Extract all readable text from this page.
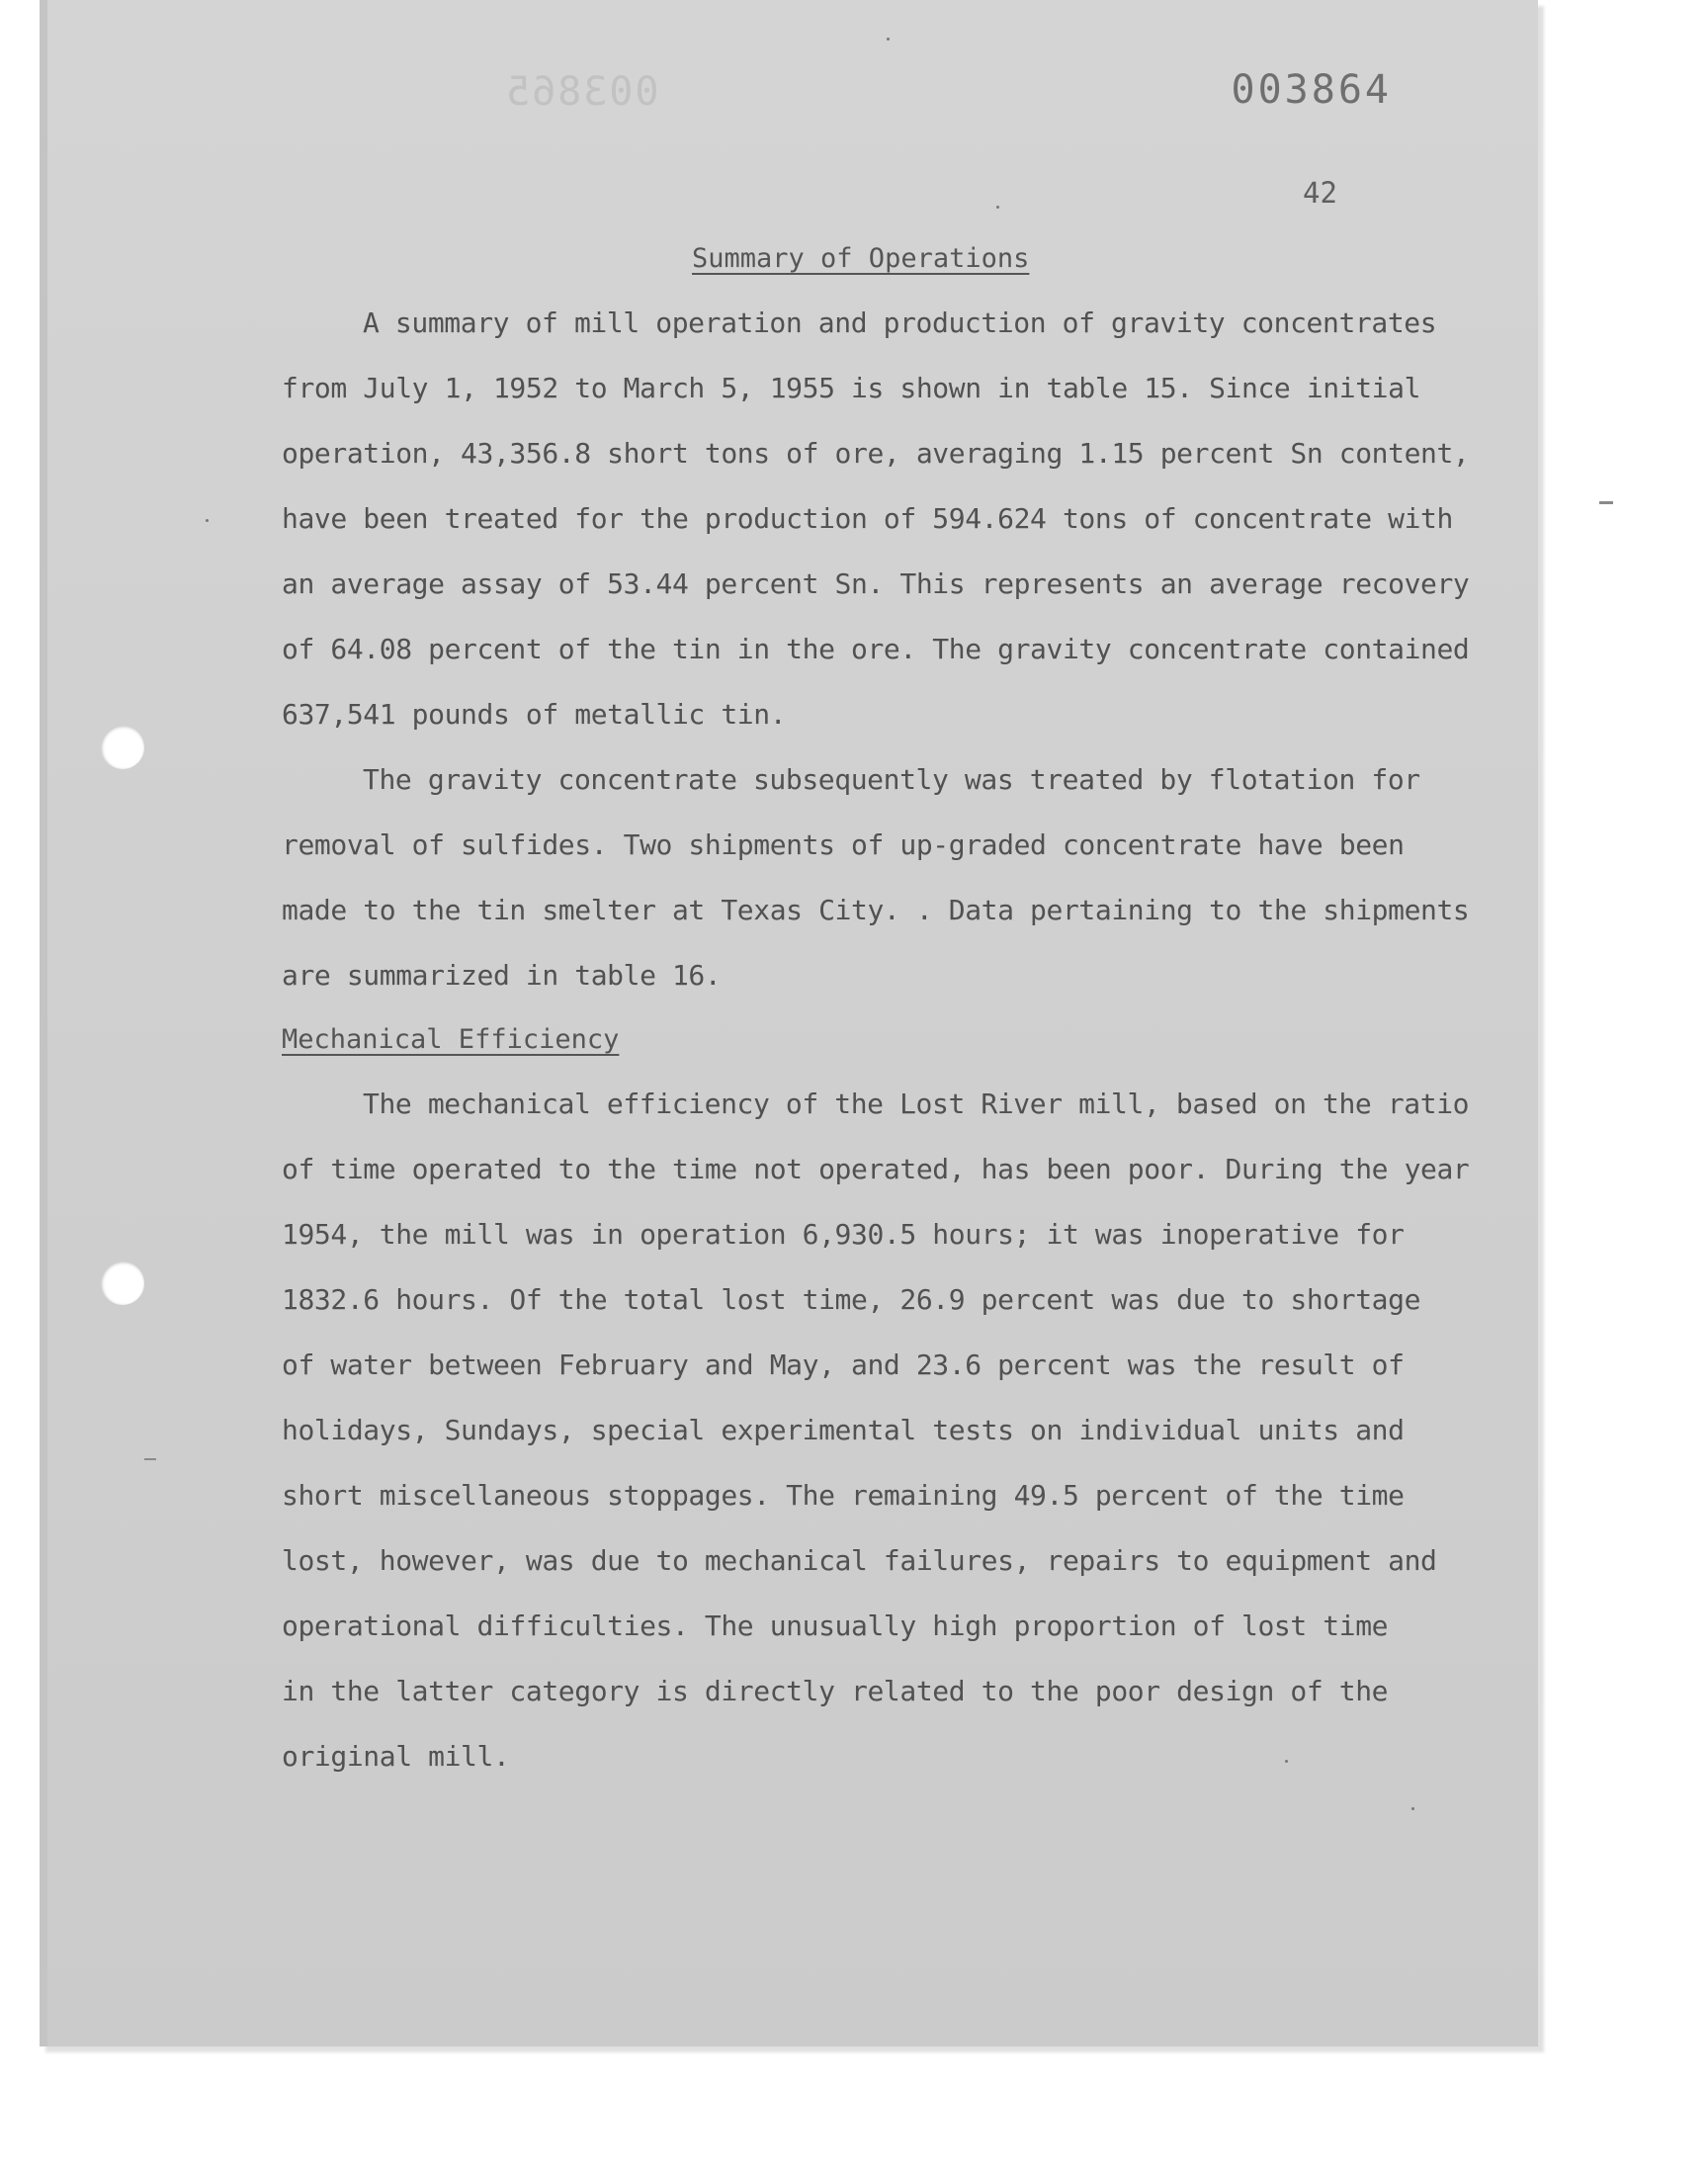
003865	003864
42
Summary of Operations
A summary of mill operation and production of gravity concentrates
from July 1, 1952 to March 5, 1955 is shown in table 15. Since initial
operation, 43,356.8 short tons of ore, averaging 1.15 percent Sn content,
have been treated for the production of 594.624 tons of concentrate with
an average assay of 53.44 percent Sn. This represents an average recovery
of 64.08 percent of the tin in the ore. The gravity concentrate contained
637,541 pounds of metallic tin.
The gravity concentrate subsequently was treated by flotation for
removal of sulfides. Two shipments of up-graded concentrate have been
made to the tin smelter at Texas City. . Data pertaining to the shipments
are summarized in table 16.
Mechanical Efficiency
The mechanical efficiency of the Lost River mill, based on the ratio
of time operated to the time not operated, has been poor. During the year
1954, the mill was in operation 6,930.5 hours; it was inoperative for
1832.6 hours. Of the total lost time, 26.9 percent was due to shortage
of water between February and May, and 23.6 percent was the result of
holidays, Sundays, special experimental tests on individual units and
short miscellaneous stoppages. The remaining 49.5 percent of the time
lost, however, was due to mechanical failures, repairs to equipment and
operational difficulties. The unusually high proportion of lost time
in the latter category is directly related to the poor design of the
original mill.
